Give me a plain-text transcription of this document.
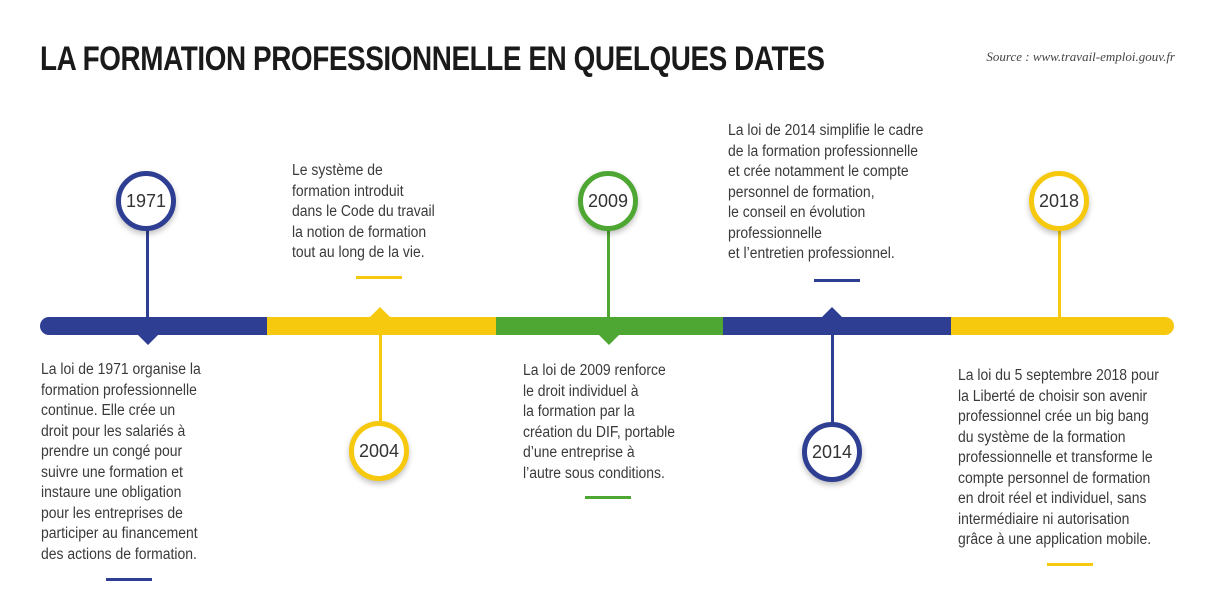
LA FORMATION PROFESSIONNELLE EN QUELQUES DATES	Source : www.travail-emploi.gouv.fr
1971
La loi de 1971 organise la
formation professionnelle
continue. Elle crée un
droit pour les salariés à
prendre un congé pour
suivre une formation et
instaure une obligation
pour les entreprises de
participer au financement
des actions de formation.
Le système de
formation introduit
dans le Code du travail
la notion de formation
tout au long de la vie.
2004
2009
La loi de 2009 renforce
le droit individuel à
la formation par la
création du DIF, portable
d’une entreprise à
l’autre sous conditions.
La loi de 2014 simplifie le cadre
de la formation professionnelle
et crée notamment le compte
personnel de formation,
le conseil en évolution
professionnelle
et l’entretien professionnel.
2014
2018
La loi du 5 septembre 2018 pour
la Liberté de choisir son avenir
professionnel crée un big bang
du système de la formation
professionnelle et transforme le
compte personnel de formation
en droit réel et individuel, sans
intermédiaire ni autorisation
grâce à une application mobile.
